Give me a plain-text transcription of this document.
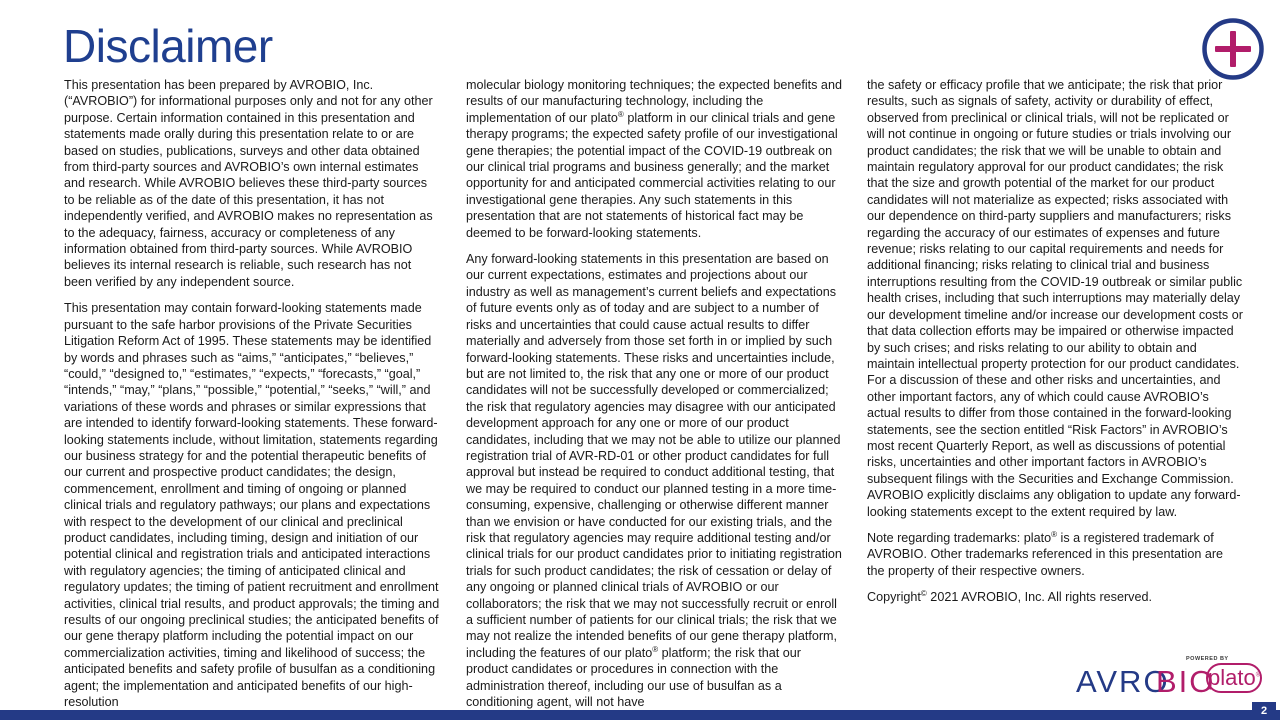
Disclaimer

This presentation has been prepared by AVROBIO, Inc. (“AVROBIO”) for informational purposes only and not for any other purpose. Certain information contained in this presentation and statements made orally during this presentation relate to or are based on studies, publications, surveys and other data obtained from third-party sources and AVROBIO’s own internal estimates and research. While AVROBIO believes these third-party sources to be reliable as of the date of this presentation, it has not independently verified, and AVROBIO makes no representation as to the adequacy, fairness, accuracy or completeness of any information obtained from third-party sources. While AVROBIO believes its internal research is reliable, such research has not been verified by any independent source.

This presentation may contain forward-looking statements made pursuant to the safe harbor provisions of the Private Securities Litigation Reform Act of 1995. These statements may be identified by words and phrases such as “aims,” “anticipates,” “believes,” “could,” “designed to,” “estimates,” “expects,” “forecasts,” “goal,” “intends,” “may,” “plans,” “possible,” “potential,” “seeks,” “will,” and variations of these words and phrases or similar expressions that are intended to identify forward-looking statements. These forward-looking statements include, without limitation, statements regarding our business strategy for and the potential therapeutic benefits of our current and prospective product candidates; the design, commencement, enrollment and timing of ongoing or planned clinical trials and regulatory pathways; our plans and expectations with respect to the development of our clinical and preclinical product candidates, including timing, design and initiation of our potential clinical and registration trials and anticipated interactions with regulatory agencies; the timing of anticipated clinical and regulatory updates; the timing of patient recruitment and enrollment activities, clinical trial results, and product approvals; the timing and results of our ongoing preclinical studies; the anticipated benefits of our gene therapy platform including the potential impact on our commercialization activities, timing and likelihood of success; the anticipated benefits and safety profile of busulfan as a conditioning agent; the implementation and anticipated benefits of our high-resolution

molecular biology monitoring techniques; the expected benefits and results of our manufacturing technology, including the implementation of our plato® platform in our clinical trials and gene therapy programs; the expected safety profile of our investigational gene therapies; the potential impact of the COVID-19 outbreak on our clinical trial programs and business generally; and the market opportunity for and anticipated commercial activities relating to our investigational gene therapies. Any such statements in this presentation that are not statements of historical fact may be deemed to be forward-looking statements.

Any forward-looking statements in this presentation are based on our current expectations, estimates and projections about our industry as well as management’s current beliefs and expectations of future events only as of today and are subject to a number of risks and uncertainties that could cause actual results to differ materially and adversely from those set forth in or implied by such forward-looking statements. These risks and uncertainties include, but are not limited to, the risk that any one or more of our product candidates will not be successfully developed or commercialized; the risk that regulatory agencies may disagree with our anticipated development approach for any one or more of our product candidates, including that we may not be able to utilize our planned registration trial of AVR-RD-01 or other product candidates for full approval but instead be required to conduct additional testing, that we may be required to conduct our planned testing in a more time-consuming, expensive, challenging or otherwise different manner than we envision or have conducted for our existing trials, and the risk that regulatory agencies may require additional testing and/or clinical trials for our product candidates prior to initiating registration trials for such product candidates; the risk of cessation or delay of any ongoing or planned clinical trials of AVROBIO or our collaborators; the risk that we may not successfully recruit or enroll a sufficient number of patients for our clinical trials; the risk that we may not realize the intended benefits of our gene therapy platform, including the features of our plato® platform; the risk that our product candidates or procedures in connection with the administration thereof, including our use of busulfan as a conditioning agent, will not have

the safety or efficacy profile that we anticipate; the risk that prior results, such as signals of safety, activity or durability of effect, observed from preclinical or clinical trials, will not be replicated or will not continue in ongoing or future studies or trials involving our product candidates; the risk that we will be unable to obtain and maintain regulatory approval for our product candidates; the risk that the size and growth potential of the market for our product candidates will not materialize as expected; risks associated with our dependence on third-party suppliers and manufacturers; risks regarding the accuracy of our estimates of expenses and future revenue; risks relating to our capital requirements and needs for additional financing; risks relating to clinical trial and business interruptions resulting from the COVID-19 outbreak or similar public health crises, including that such interruptions may materially delay our development timeline and/or increase our development costs or that data collection efforts may be impaired or otherwise impacted by such crises; and risks relating to our ability to obtain and maintain intellectual property protection for our product candidates. For a discussion of these and other risks and uncertainties, and other important factors, any of which could cause AVROBIO’s actual results to differ from those contained in the forward-looking statements, see the section entitled “Risk Factors” in AVROBIO’s most recent Quarterly Report, as well as discussions of potential risks, uncertainties and other important factors in AVROBIO’s subsequent filings with the Securities and Exchange Commission. AVROBIO explicitly disclaims any obligation to update any forward-looking statements except to the extent required by law.

Note regarding trademarks: plato® is a registered trademark of AVROBIO. Other trademarks referenced in this presentation are the property of their respective owners.

Copyright© 2021 AVROBIO, Inc. All rights reserved.

AVRO
BIO
POWERED BY
plato®
2
